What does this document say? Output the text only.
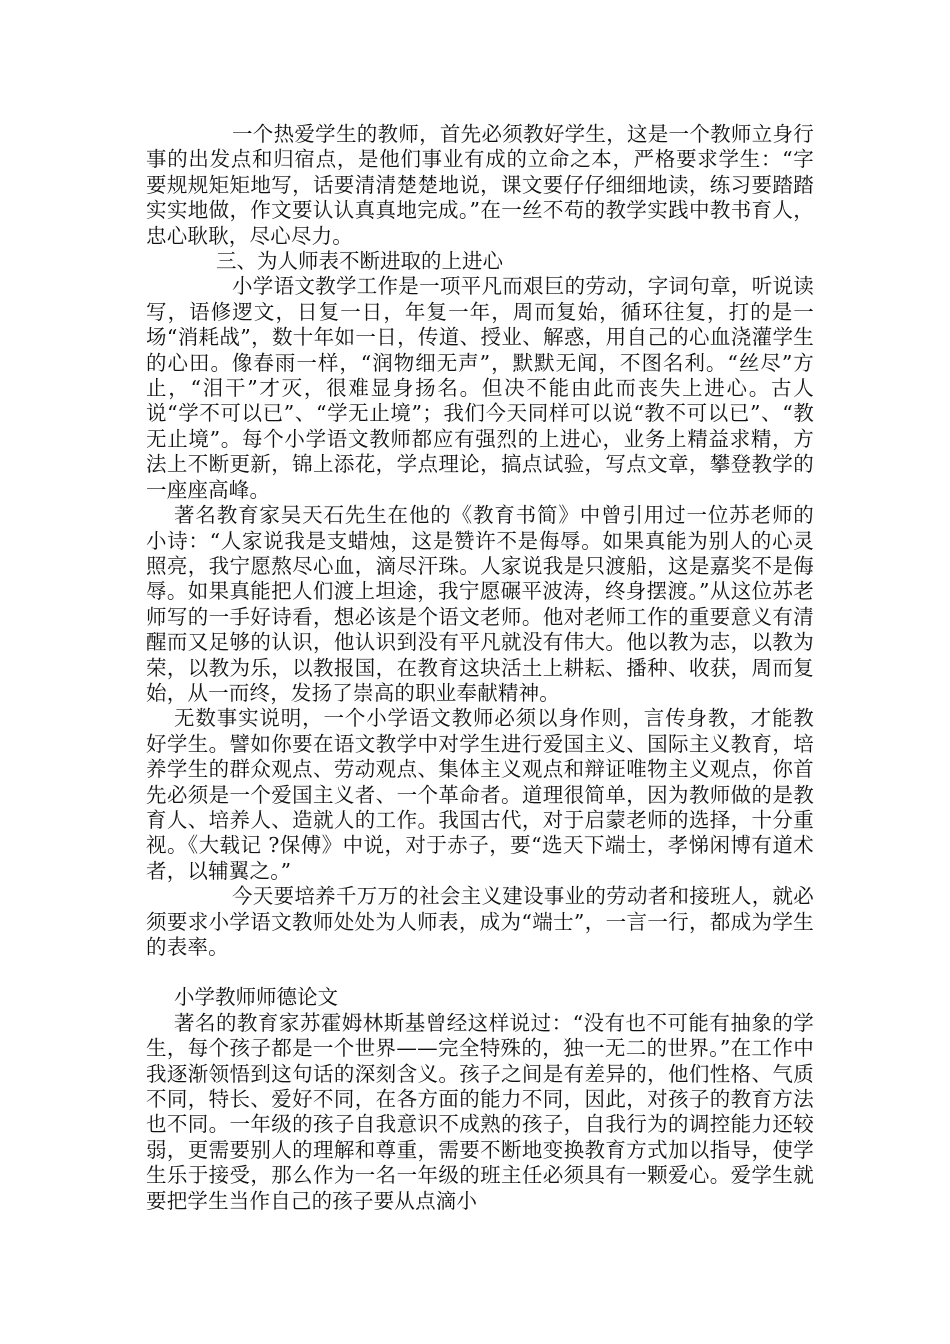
一个热爱学生的教师，首先必须教好学生，这是一个教师立身行事的出发点和归宿点，是他们事业有成的立命之本，严格要求学生：“字要规规矩矩地写，话要清清楚楚地说，课文要仔仔细细地读，练习要踏踏实实地做，作文要认认真真地完成。”在一丝不苟的教学实践中教书育人，忠心耿耿，尽心尽力。

三、为人师表不断进取的上进心

小学语文教学工作是一项平凡而艰巨的劳动，字词句章，听说读写，语修逻文，日复一日，年复一年，周而复始，循环往复，打的是一场“消耗战”，数十年如一日，传道、授业、解惑，用自己的心血浇灌学生的心田。像春雨一样，“润物细无声”，默默无闻，不图名利。“丝尽”方止，“泪干”才灭，很难显身扬名。但决不能由此而丧失上进心。古人说“学不可以已”、“学无止境”；我们今天同样可以说“教不可以已”、“教无止境”。每个小学语文教师都应有强烈的上进心，业务上精益求精，方法上不断更新，锦上添花，学点理论，搞点试验，写点文章，攀登教学的一座座高峰。

著名教育家吴天石先生在他的《教育书简》中曾引用过一位苏老师的小诗：“人家说我是支蜡烛，这是赞许不是侮辱。如果真能为别人的心灵照亮，我宁愿熬尽心血，滴尽汗珠。人家说我是只渡船，这是嘉奖不是侮辱。如果真能把人们渡上坦途，我宁愿碾平波涛，终身摆渡。”从这位苏老师写的一手好诗看，想必该是个语文老师。他对老师工作的重要意义有清醒而又足够的认识，他认识到没有平凡就没有伟大。他以教为志，以教为荣，以教为乐，以教报国，在教育这块活土上耕耘、播种、收获，周而复始，从一而终，发扬了崇高的职业奉献精神。

无数事实说明，一个小学语文教师必须以身作则，言传身教，才能教好学生。譬如你要在语文教学中对学生进行爱国主义、国际主义教育，培养学生的群众观点、劳动观点、集体主义观点和辩证唯物主义观点，你首先必须是一个爱国主义者、一个革命者。道理很简单，因为教师做的是教育人、培养人、造就人的工作。我国古代，对于启蒙老师的选择，十分重视。《大载记 ?保傅》中说，对于赤子，要“选天下端士，孝悌闲博有道术者，以辅翼之。”

今天要培养千万万的社会主义建设事业的劳动者和接班人，就必须要求小学语文教师处处为人师表，成为“端士”，一言一行，都成为学生的表率。

小学教师师德论文

著名的教育家苏霍姆林斯基曾经这样说过：“没有也不可能有抽象的学生，每个孩子都是一个世界——完全特殊的，独一无二的世界。”在工作中我逐渐领悟到这句话的深刻含义。孩子之间是有差异的，他们性格、气质不同，特长、爱好不同，在各方面的能力不同，因此，对孩子的教育方法也不同。一年级的孩子自我意识不成熟的孩子，自我行为的调控能力还较弱，更需要别人的理解和尊重，需要不断地变换教育方式加以指导，使学生乐于接受，那么作为一名一年级的班主任必须具有一颗爱心。爱学生就要把学生当作自己的孩子要从点滴小
